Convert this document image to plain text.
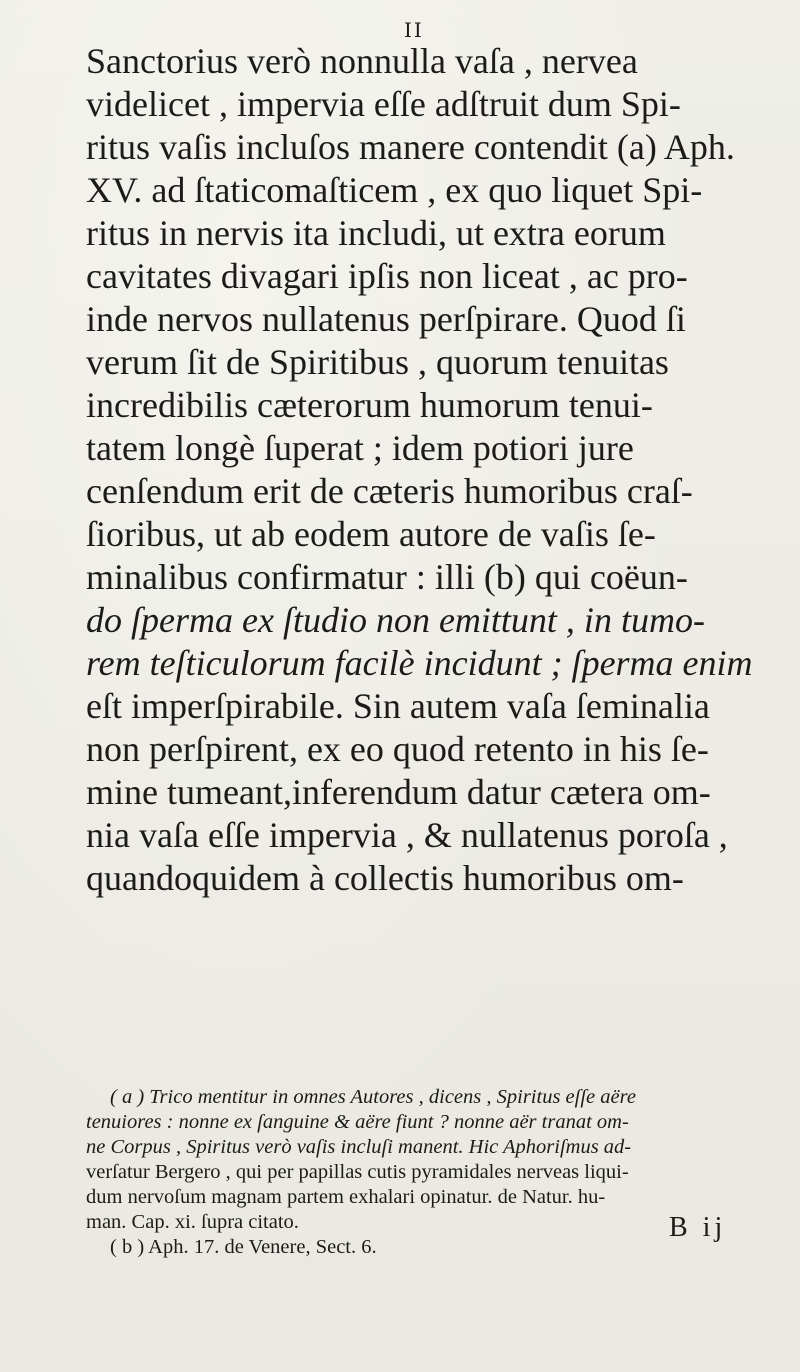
II
Sanctorius verò nonnulla vaſa , nervea
videlicet , impervia eſſe adſtruit dum Spi-
ritus vaſis incluſos manere contendit (a) Aph.
XV. ad ſtaticomaſticem , ex quo liquet Spi-
ritus in nervis ita includi, ut extra eorum
cavitates divagari ipſis non liceat , ac pro-
inde nervos nullatenus perſpirare. Quod ſi
verum ſit de Spiritibus , quorum tenuitas
incredibilis cæterorum humorum tenui-
tatem longè ſuperat ; idem potiori jure
cenſendum erit de cæteris humoribus craſ-
ſioribus, ut ab eodem autore de vaſis ſe-
minalibus confirmatur : illi (b) qui coëun-
do ſperma ex ſtudio non emittunt , in tumo-
rem teſticulorum facilè incidunt ; ſperma enim
eſt imperſpirabile. Sin autem vaſa ſeminalia
non perſpirent, ex eo quod retento in his ſe-
mine tumeant,inferendum datur cætera om-
nia vaſa eſſe impervia , & nullatenus poroſa ,
quandoquidem à collectis humoribus om-
( a ) Trico mentitur in omnes Autores , dicens , Spiritus eſſe aëre
tenuiores : nonne ex ſanguine & aëre fiunt ? nonne aër tranat om-
ne Corpus , Spiritus verò vaſis incluſi manent. Hic Aphoriſmus ad-
verſatur Bergero , qui per papillas cutis pyramidales nerveas liqui-
dum nervoſum magnam partem exhalari opinatur. de Natur. hu-
man. Cap. xi. ſupra citato.
( b ) Aph. 17. de Venere, Sect. 6.
B ij
